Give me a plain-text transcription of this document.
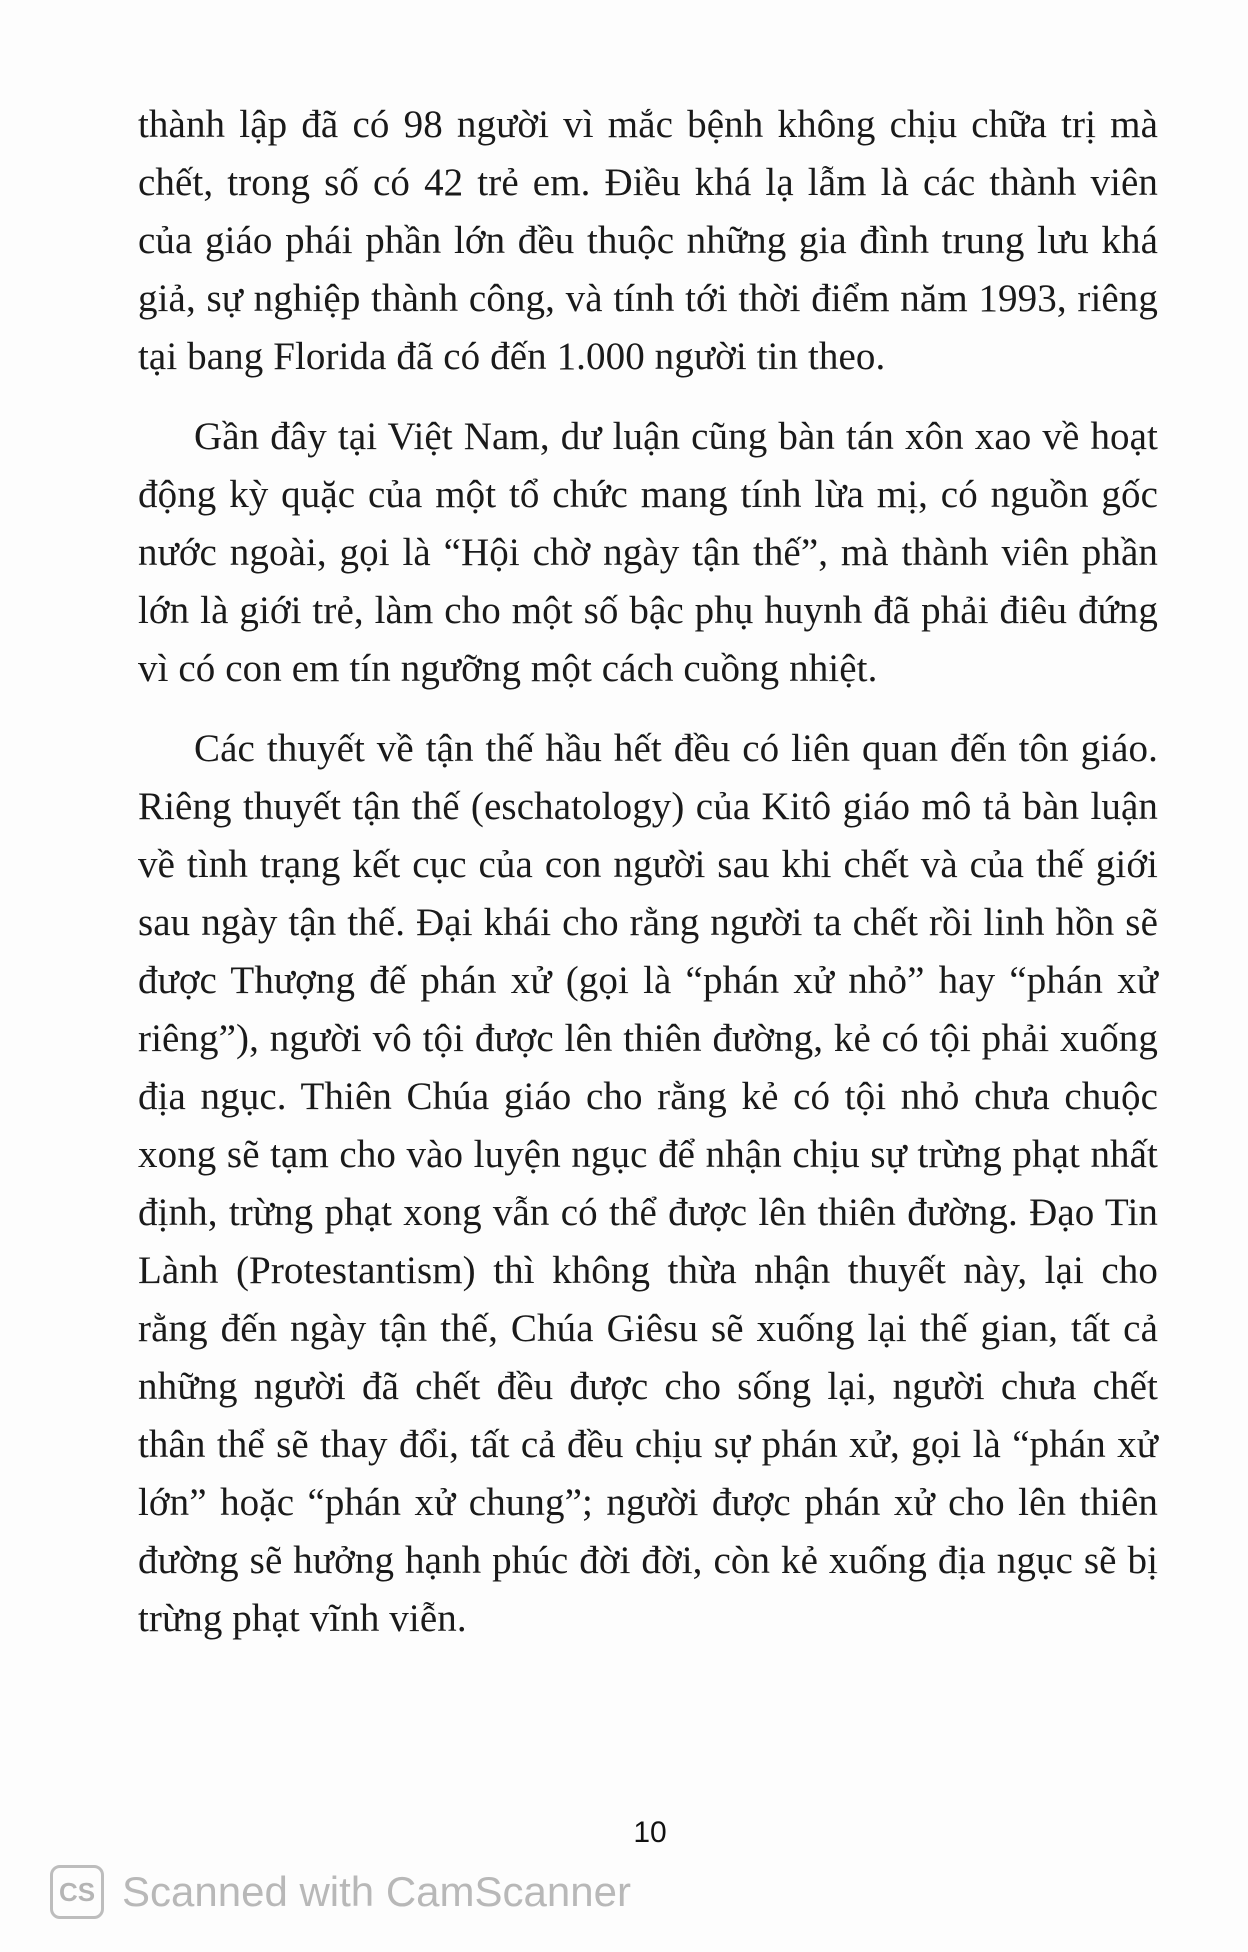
thành lập đã có 98 người vì mắc bệnh không chịu chữa trị mà chết, trong số có 42 trẻ em. Điều khá lạ lẫm là các thành viên của giáo phái phần lớn đều thuộc những gia đình trung lưu khá giả, sự nghiệp thành công, và tính tới thời điểm năm 1993, riêng tại bang Florida đã có đến 1.000 người tin theo.

Gần đây tại Việt Nam, dư luận cũng bàn tán xôn xao về hoạt động kỳ quặc của một tổ chức mang tính lừa mị, có nguồn gốc nước ngoài, gọi là “Hội chờ ngày tận thế”, mà thành viên phần lớn là giới trẻ, làm cho một số bậc phụ huynh đã phải điêu đứng vì có con em tín ngưỡng một cách cuồng nhiệt.

Các thuyết về tận thế hầu hết đều có liên quan đến tôn giáo. Riêng thuyết tận thế (eschatology) của Kitô giáo mô tả bàn luận về tình trạng kết cục của con người sau khi chết và của thế giới sau ngày tận thế. Đại khái cho rằng người ta chết rồi linh hồn sẽ được Thượng đế phán xử (gọi là “phán xử nhỏ” hay “phán xử riêng”), người vô tội được lên thiên đường, kẻ có tội phải xuống địa ngục. Thiên Chúa giáo cho rằng kẻ có tội nhỏ chưa chuộc xong sẽ tạm cho vào luyện ngục để nhận chịu sự trừng phạt nhất định, trừng phạt xong vẫn có thể được lên thiên đường. Đạo Tin Lành (Protestantism) thì không thừa nhận thuyết này, lại cho rằng đến ngày tận thế, Chúa Giêsu sẽ xuống lại thế gian, tất cả những người đã chết đều được cho sống lại, người chưa chết thân thể sẽ thay đổi, tất cả đều chịu sự phán xử, gọi là “phán xử lớn” hoặc “phán xử chung”; người được phán xử cho lên thiên đường sẽ hưởng hạnh phúc đời đời, còn kẻ xuống địa ngục sẽ bị trừng phạt vĩnh viễn.

10
CS Scanned with CamScanner
